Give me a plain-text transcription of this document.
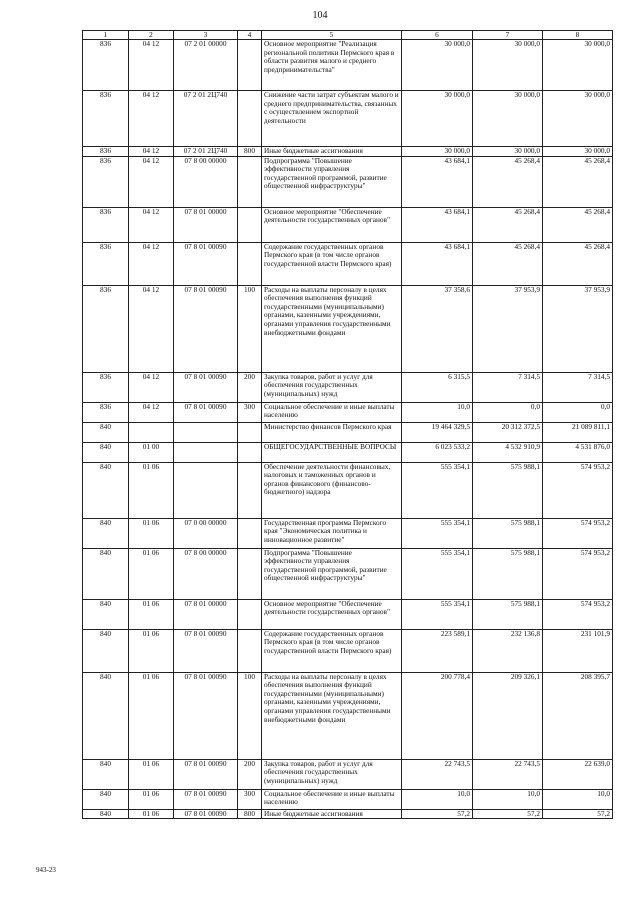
104
1	2	3	4	5	6	7	8
836	04 12	07 2 01 00000		Основное мероприятие "Реализация региональной политики Пермского края в области развития малого и среднего предпринимательства"	30 000,0	30 000,0	30 000,0
836	04 12	07 2 01 2Ц740		Снижение части затрат субъектам малого и среднего предпринимательства, связанных с осуществлением экспортной деятельности	30 000,0	30 000,0	30 000,0
836	04 12	07 2 01 2Ц740	800	Иные бюджетные ассигнования	30 000,0	30 000,0	30 000,0
836	04 12	07 8 00 00000		Подпрограмма "Повышение эффективности управления государственной программой, развитие общественной инфраструктуры"	43 684,1	45 268,4	45 268,4
836	04 12	07 8 01 00000		Основное мероприятие "Обеспечение деятельности государственных органов"	43 684,1	45 268,4	45 268,4
836	04 12	07 8 01 00090		Содержание государственных органов Пермского края (в том числе органов государственной власти Пермского края)	43 684,1	45 268,4	45 268,4
836	04 12	07 8 01 00090	100	Расходы на выплаты персоналу в целях обеспечения выполнения функций государственными (муниципальными) органами, казенными учреждениями, органами управления государственными внебюджетными фондами	37 358,6	37 953,9	37 953,9
836	04 12	07 8 01 00090	200	Закупка товаров, работ и услуг для обеспечения государственных (муниципальных) нужд	6 315,5	7 314,5	7 314,5
836	04 12	07 8 01 00090	300	Социальное обеспечение и иные выплаты населению	10,0	0,0	0,0
840				Министерство финансов Пермского края	19 464 329,5	20 312 372,5	21 089 811,1
840	01 00			ОБЩЕГОСУДАРСТВЕННЫЕ ВОПРОСЫ	6 023 533,2	4 532 910,9	4 531 876,0
840	01 06			Обеспечение деятельности финансовых, налоговых и таможенных органов и органов финансового (финансово-бюджетного) надзора	555 354,1	575 988,1	574 953,2
840	01 06	07 0 00 00000		Государственная программа Пермского края "Экономическая политика и инновационное развитие"	555 354,1	575 988,1	574 953,2
840	01 06	07 8 00 00000		Подпрограмма "Повышение эффективности управления государственной программой, развитие общественной инфраструктуры"	555 354,1	575 988,1	574 953,2
840	01 06	07 8 01 00000		Основное мероприятие "Обеспечение деятельности государственных органов"	555 354,1	575 988,1	574 953,2
840	01 06	07 8 01 00090		Содержание государственных органов Пермского края (в том числе органов государственной власти Пермского края)	223 589,1	232 136,8	231 101,9
840	01 06	07 8 01 00090	100	Расходы на выплаты персоналу в целях обеспечения выполнения функций государственными (муниципальными) органами, казенными учреждениями, органами управления государственными внебюджетными фондами	200 778,4	209 326,1	208 395,7
840	01 06	07 8 01 00090	200	Закупка товаров, работ и услуг для обеспечения государственных (муниципальных) нужд	22 743,5	22 743,5	22 639,0
840	01 06	07 8 01 00090	300	Социальное обеспечение и иные выплаты населению	10,0	10,0	10,0
840	01 06	07 8 01 00090	800	Иные бюджетные ассигнования	57,2	57,2	57,2
943-23
